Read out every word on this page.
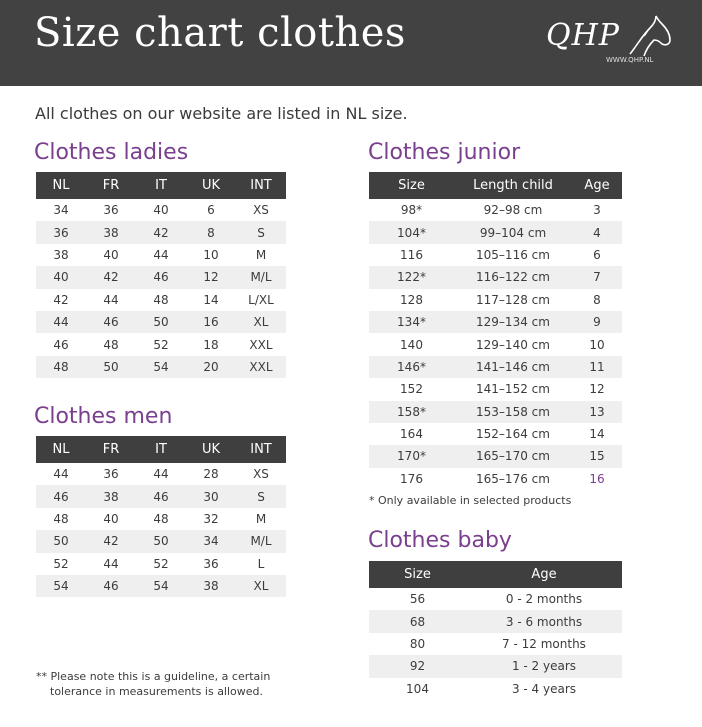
Size chart clothes	QHP
WWW.QHP.NL
All clothes on our website are listed in NL size.
Clothes ladies
NL	FR	IT	UK	INT
34	36	40	6	XS
36	38	42	8	S
38	40	44	10	M
40	42	46	12	M/L
42	44	48	14	L/XL
44	46	50	16	XL
46	48	52	18	XXL
48	50	54	20	XXL
Clothes men
NL	FR	IT	UK	INT
44	36	44	28	XS
46	38	46	30	S
48	40	48	32	M
50	42	50	34	M/L
52	44	52	36	L
54	46	54	38	XL
Clothes junior
Size	Length child	Age
98*	92–98 cm	3
104*	99–104 cm	4
116	105–116 cm	6
122*	116–122 cm	7
128	117–128 cm	8
134*	129–134 cm	9
140	129–140 cm	10
146*	141–146 cm	11
152	141–152 cm	12
158*	153–158 cm	13
164	152–164 cm	14
170*	165–170 cm	15
176	165–176 cm	16
* Only available in selected products
Clothes baby
Size	Age
56	0 - 2 months
68	3 - 6 months
80	7 - 12 months
92	1 - 2 years
104	3 - 4 years
** Please note this is a guideline, a certain
tolerance in measurements is allowed.
